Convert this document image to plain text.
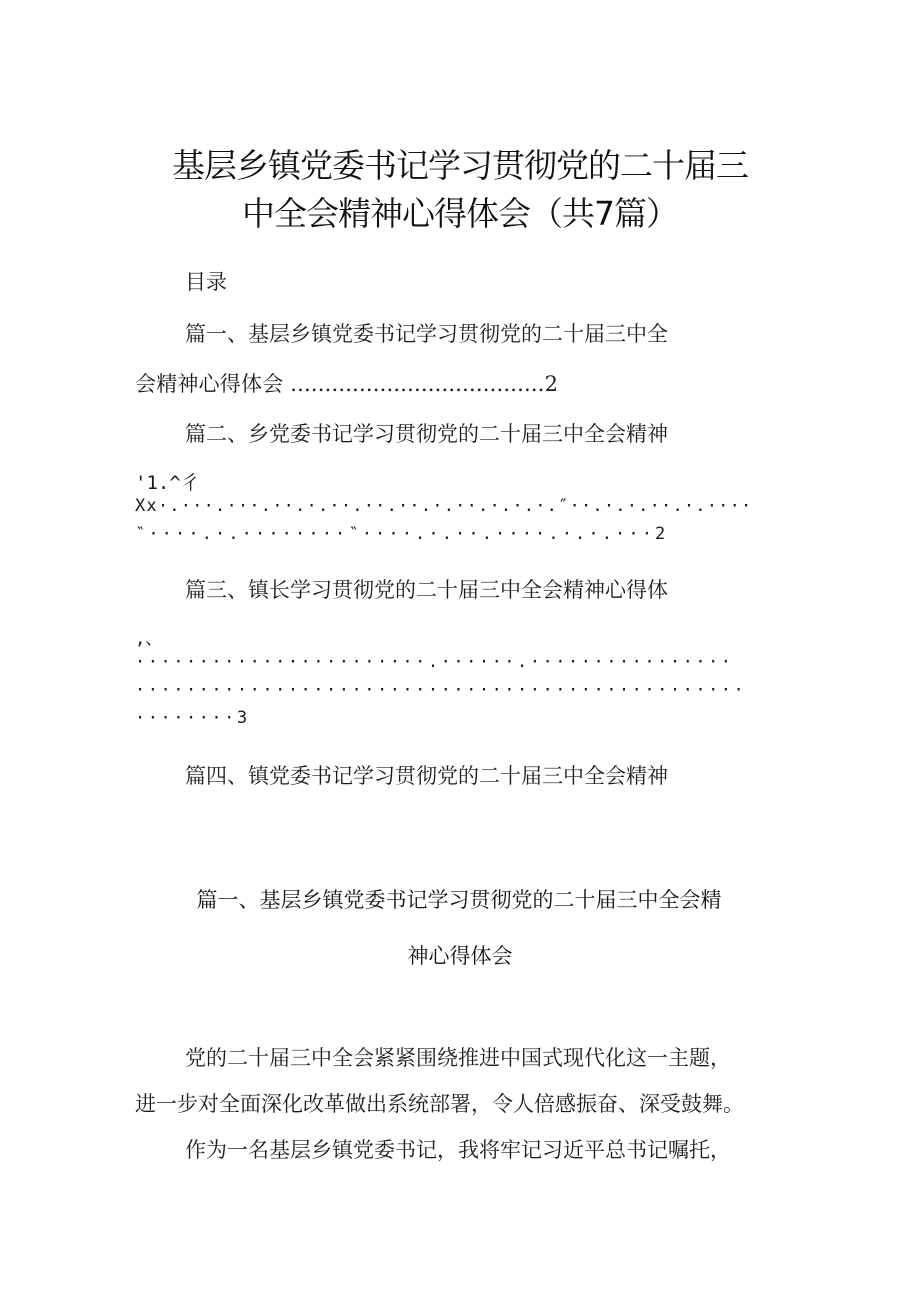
基层乡镇党委书记学习贯彻党的二十届三
中全会精神心得体会（共7篇）
目录
篇一、基层乡镇党委书记学习贯彻党的二十届三中全
会精神心得体会 .....................................2
篇二、乡党委书记学习贯彻党的二十届三中全会精神
'1.^彳
Xx·.···.···.··.·.··.··.··.·.··.·.·.·.″··.·.·.··.·.····
‶····.·.········‶····.·.··.····.·.·.···2
篇三、镇长学习贯彻党的二十届三中全会精神心得体
,、
·······················.······.················
················································
········3
篇四、镇党委书记学习贯彻党的二十届三中全会精神
篇一、基层乡镇党委书记学习贯彻党的二十届三中全会精
神心得体会
党的二十届三中全会紧紧围绕推进中国式现代化这一主题，
进一步对全面深化改革做出系统部署，令人倍感振奋、深受鼓舞。
作为一名基层乡镇党委书记，我将牢记习近平总书记嘱托，
